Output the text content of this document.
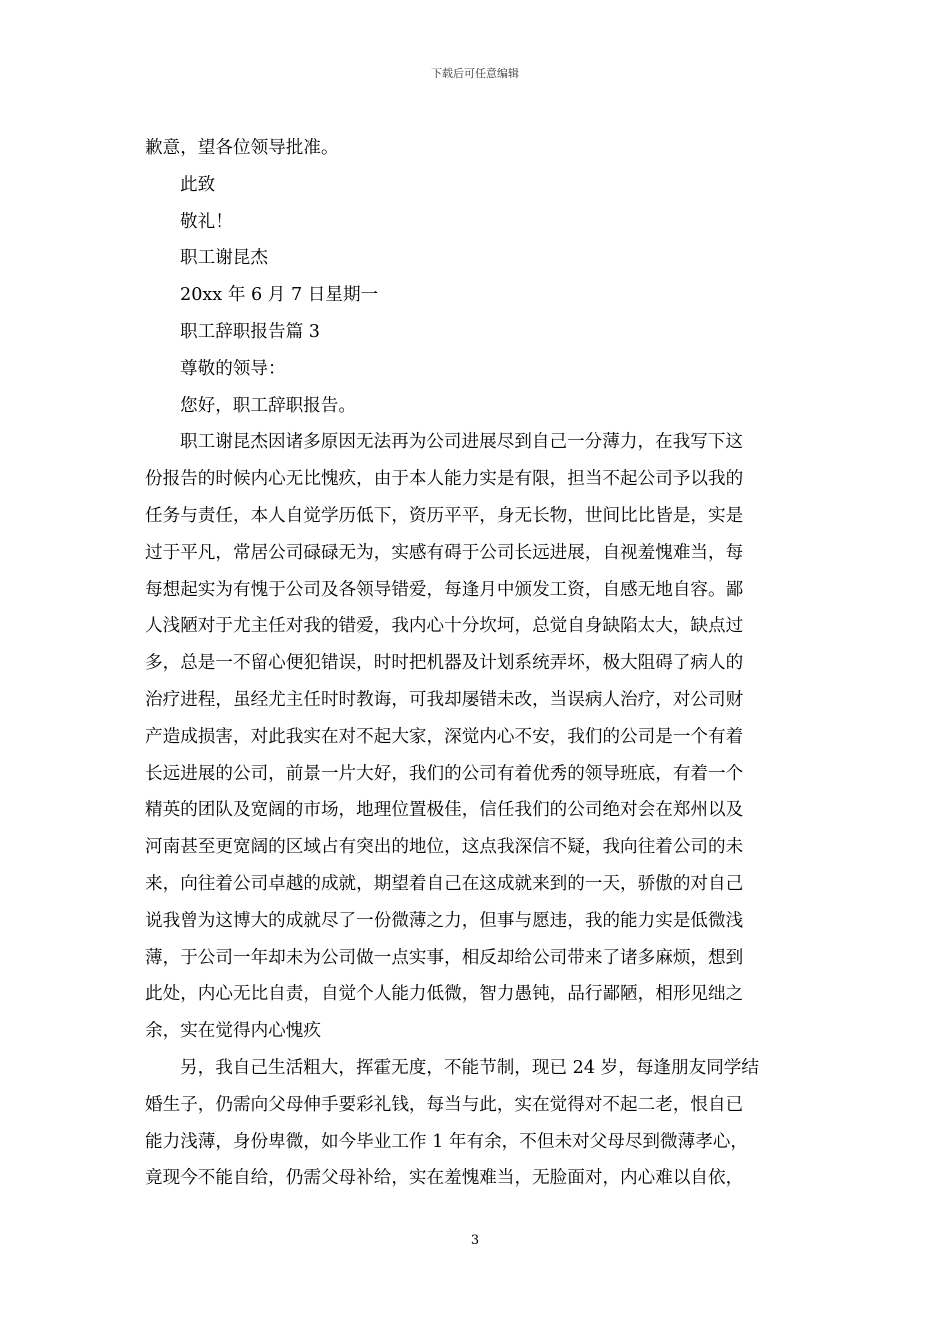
下载后可任意编辑
歉意，望各位领导批准。
此致
敬礼！
职工谢昆杰
20xx 年 6 月 7 日星期一
职工辞职报告篇 3
尊敬的领导：
您好，职工辞职报告。
职工谢昆杰因诸多原因无法再为公司进展尽到自己一分薄力，在我写下这
份报告的时候内心无比愧疚，由于本人能力实是有限，担当不起公司予以我的
任务与责任，本人自觉学历低下，资历平平，身无长物，世间比比皆是，实是
过于平凡，常居公司碌碌无为，实感有碍于公司长远进展，自视羞愧难当，每
每想起实为有愧于公司及各领导错爱，每逢月中颁发工资，自感无地自容。鄙
人浅陋对于尤主任对我的错爱，我内心十分坎坷，总觉自身缺陷太大，缺点过
多，总是一不留心便犯错误，时时把机器及计划系统弄坏，极大阻碍了病人的
治疗进程，虽经尤主任时时教诲，可我却屡错未改，当误病人治疗，对公司财
产造成损害，对此我实在对不起大家，深觉内心不安，我们的公司是一个有着
长远进展的公司，前景一片大好，我们的公司有着优秀的领导班底，有着一个
精英的团队及宽阔的市场，地理位置极佳，信任我们的公司绝对会在郑州以及
河南甚至更宽阔的区域占有突出的地位，这点我深信不疑，我向往着公司的未
来，向往着公司卓越的成就，期望着自己在这成就来到的一天，骄傲的对自己
说我曾为这博大的成就尽了一份微薄之力，但事与愿违，我的能力实是低微浅
薄，于公司一年却未为公司做一点实事，相反却给公司带来了诸多麻烦，想到
此处，内心无比自责，自觉个人能力低微，智力愚钝，品行鄙陋，相形见绌之
余，实在觉得内心愧疚
另，我自己生活粗大，挥霍无度，不能节制，现已 24 岁，每逢朋友同学结
婚生子，仍需向父母伸手要彩礼钱，每当与此，实在觉得对不起二老，恨自已
能力浅薄，身份卑微，如今毕业工作 1 年有余，不但未对父母尽到微薄孝心，
竟现今不能自给，仍需父母补给，实在羞愧难当，无脸面对，内心难以自依，
3
